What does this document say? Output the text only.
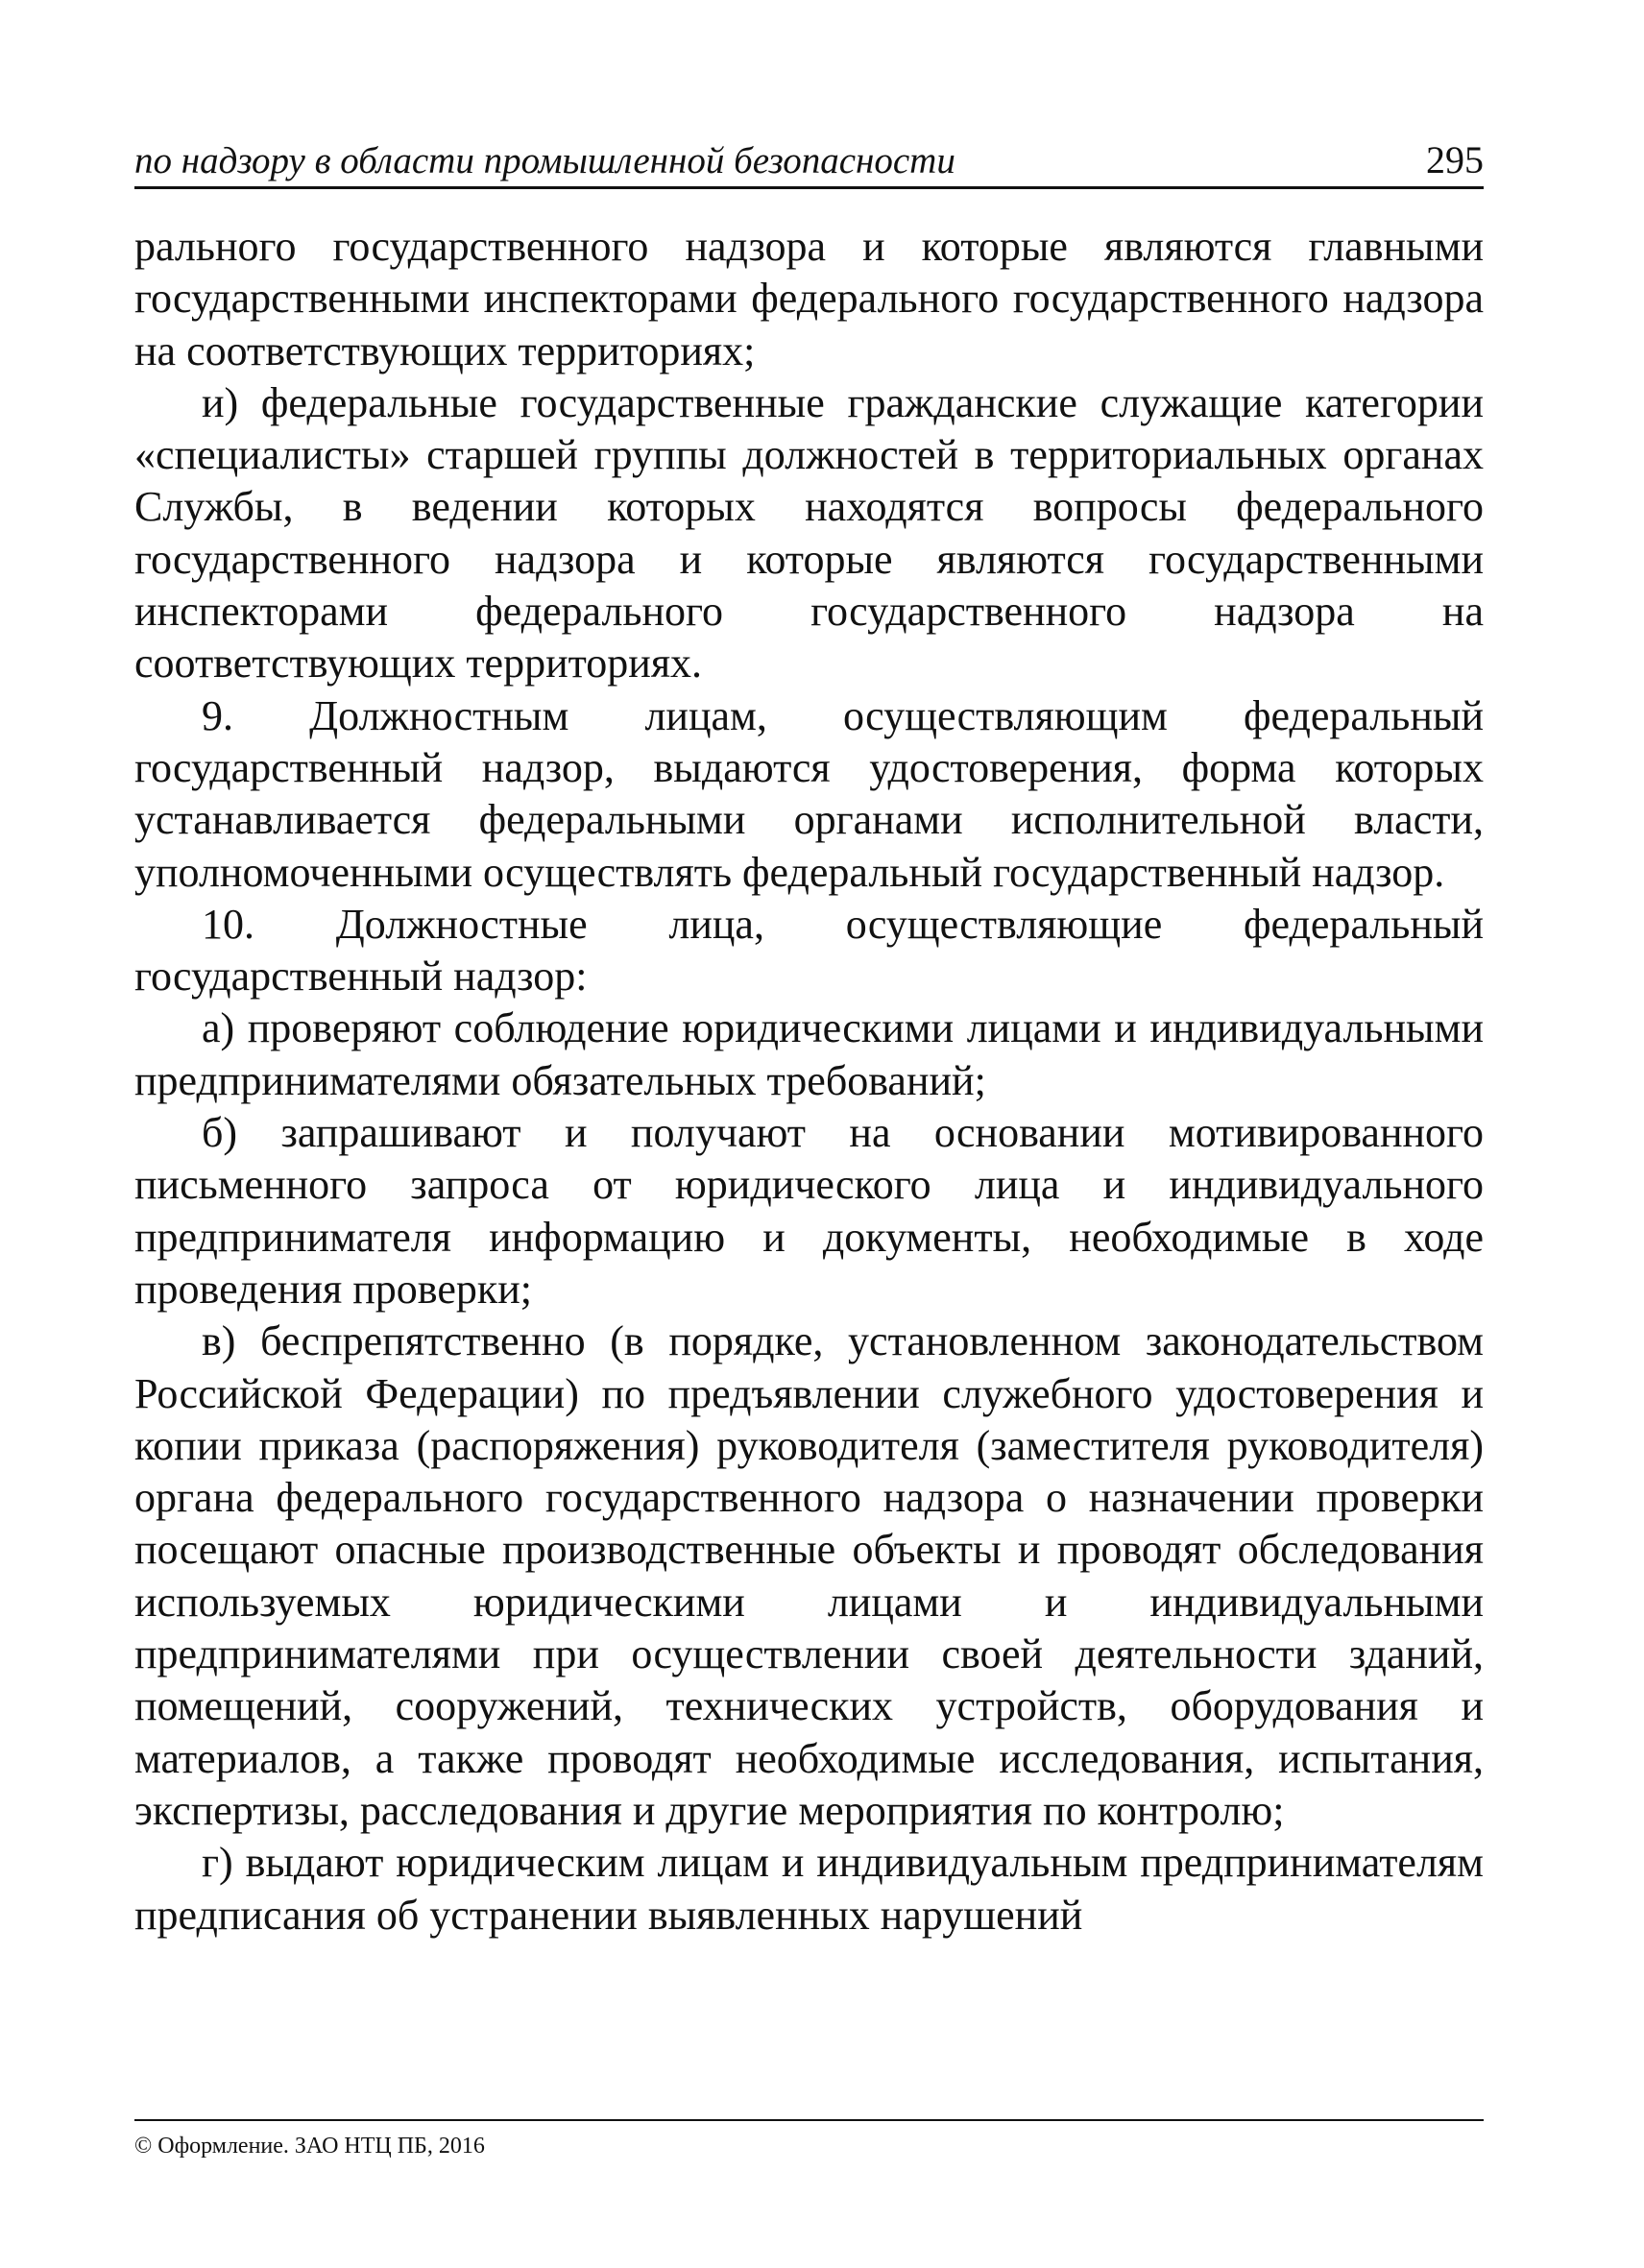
по надзору в области промышленной безопасности	295

рального государственного надзора и которые являются главными государственными инспекторами федерального государственного надзора на соответствующих территориях;

и) федеральные государственные гражданские служащие категории «специалисты» старшей группы должностей в территориальных органах Службы, в ведении которых находятся вопросы федерального государственного надзора и которые являются государственными инспекторами федерального государственного надзора на соответствующих территориях.

9. Должностным лицам, осуществляющим федеральный государственный надзор, выдаются удостоверения, форма которых устанавливается федеральными органами исполнительной власти, уполномоченными осуществлять федеральный государственный надзор.

10. Должностные лица, осуществляющие федеральный государственный надзор:

а) проверяют соблюдение юридическими лицами и индивидуальными предпринимателями обязательных требований;

б) запрашивают и получают на основании мотивированного письменного запроса от юридического лица и индивидуального предпринимателя информацию и документы, необходимые в ходе проведения проверки;

в) беспрепятственно (в порядке, установленном законодательством Российской Федерации) по предъявлении служебного удостоверения и копии приказа (распоряжения) руководителя (заместителя руководителя) органа федерального государственного надзора о назначении проверки посещают опасные производственные объекты и проводят обследования используемых юридическими лицами и индивидуальными предпринимателями при осуществлении своей деятельности зданий, помещений, сооружений, технических устройств, оборудования и материалов, а также проводят необходимые исследования, испытания, экспертизы, расследования и другие мероприятия по контролю;

г) выдают юридическим лицам и индивидуальным предпринимателям предписания об устранении выявленных нарушений

© Оформление. ЗАО НТЦ ПБ, 2016
